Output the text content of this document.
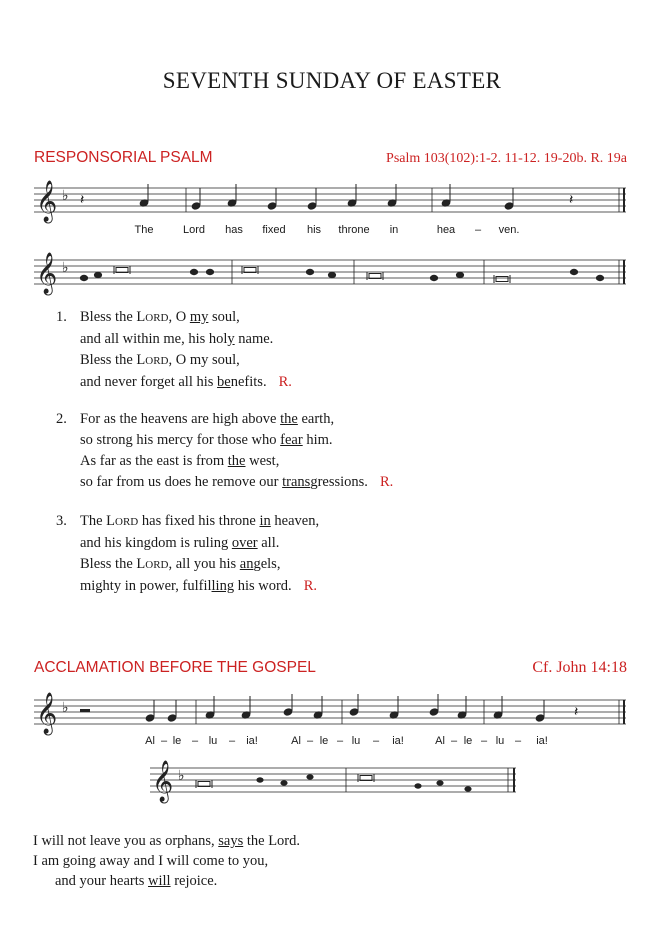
SEVENTH SUNDAY OF EASTER
RESPONSORIAL PSALM	Psalm 103(102):1-2. 11-12. 19-20b. R. 19a
𝄞 ♭ 𝄽	𝄽
The	Lord has fixed his throne in	hea – ven.
𝄞 ♭
1. Bless the LORD, O my soul,
and all within me, his holy name.
Bless the LORD, O my soul,
and never forget all his benefits. R.
2. For as the heavens are high above the earth,
so strong his mercy for those who fear him.
As far as the east is from the west,
so far from us does he remove our transgressions. R.
3. The LORD has fixed his throne in heaven,
and his kingdom is ruling over all.
Bless the LORD, all you his angels,
mighty in power, fulfilling his word. R.
ACCLAMATION BEFORE THE GOSPEL	Cf. John 14:18
𝄞 ♭	𝄽
Al – le – lu – ia!	Al – le – lu – ia!	Al – le – lu – ia!
𝄞 ♭
I will not leave you as orphans, says the Lord.
I am going away and I will come to you,
and your hearts will rejoice.
